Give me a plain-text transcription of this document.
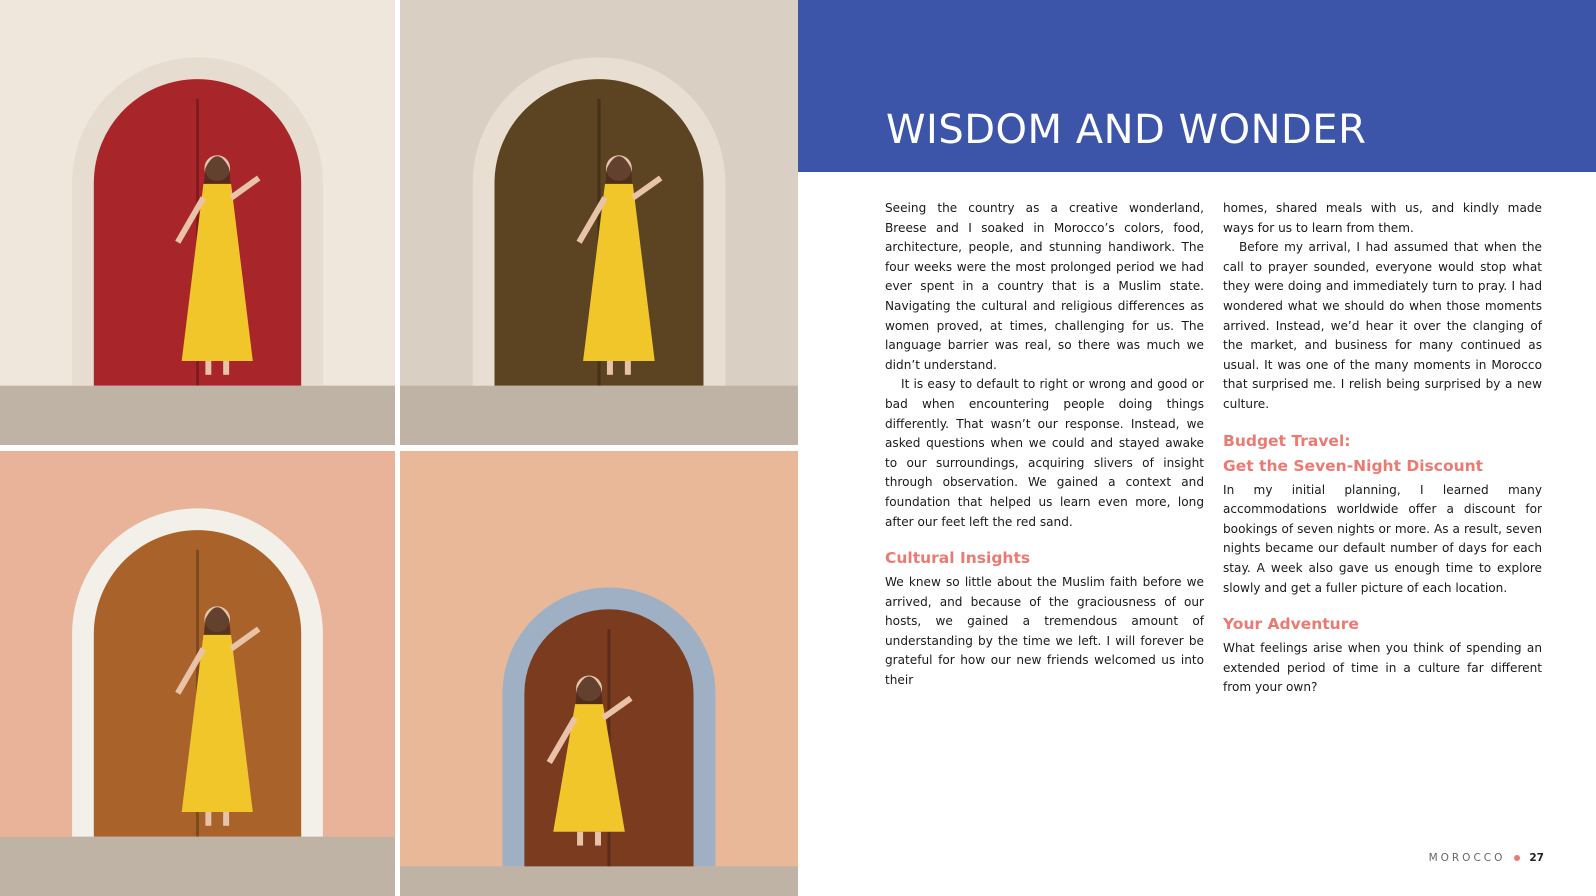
WISDOM AND WONDER

Seeing the country as a creative wonderland, Breese and I soaked in Morocco’s colors, food, architecture, people, and stunning handiwork. The four weeks were the most prolonged period we had ever spent in a country that is a Muslim state. Navigating the cultural and religious differences as women proved, at times, challenging for us. The language barrier was real, so there was much we didn’t understand.

It is easy to default to right or wrong and good or bad when encountering people doing things differently. That wasn’t our response. Instead, we asked questions when we could and stayed awake to our surroundings, acquiring slivers of insight through observation. We gained a context and foundation that helped us learn even more, long after our feet left the red sand.

Cultural Insights

We knew so little about the Muslim faith before we arrived, and because of the graciousness of our hosts, we gained a tremendous amount of understanding by the time we left. I will forever be grateful for how our new friends welcomed us into their

homes, shared meals with us, and kindly made ways for us to learn from them.

Before my arrival, I had assumed that when the call to prayer sounded, everyone would stop what they were doing and immediately turn to pray. I had wondered what we should do when those moments arrived. Instead, we’d hear it over the clanging of the market, and business for many continued as usual. It was one of the many moments in Morocco that surprised me. I relish being surprised by a new culture.

Budget Travel:
Get the Seven-Night Discount

In my initial planning, I learned many accommodations worldwide offer a discount for bookings of seven nights or more. As a result, seven nights became our default number of days for each stay. A week also gave us enough time to explore slowly and get a fuller picture of each location.

Your Adventure

What feelings arise when you think of spending an extended period of time in a culture far different from your own?

MOROCCO 27
